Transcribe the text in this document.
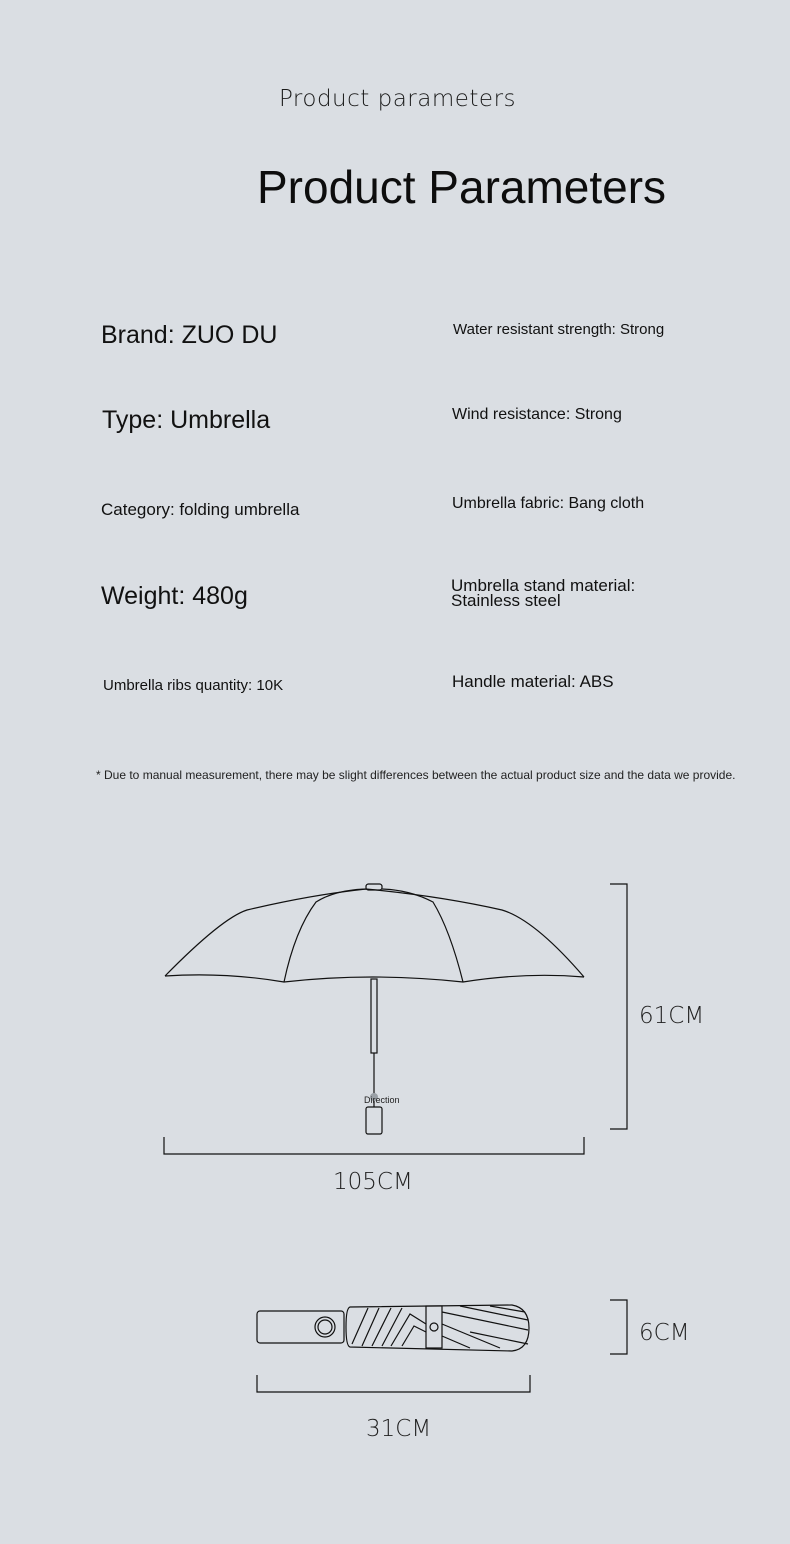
Product parameters
Product Parameters
Brand: ZUO DU	Water resistant strength: Strong
Type: Umbrella	Wind resistance: Strong
Category: folding umbrella	Umbrella fabric: Bang cloth
Weight: 480g	Umbrella stand material:
Stainless steel
Umbrella ribs quantity: 10K	Handle material: ABS
* Due to manual measurement, there may be slight differences between the actual product size and the data we provide.
Direction
61CM
105CM
6CM
31CM
